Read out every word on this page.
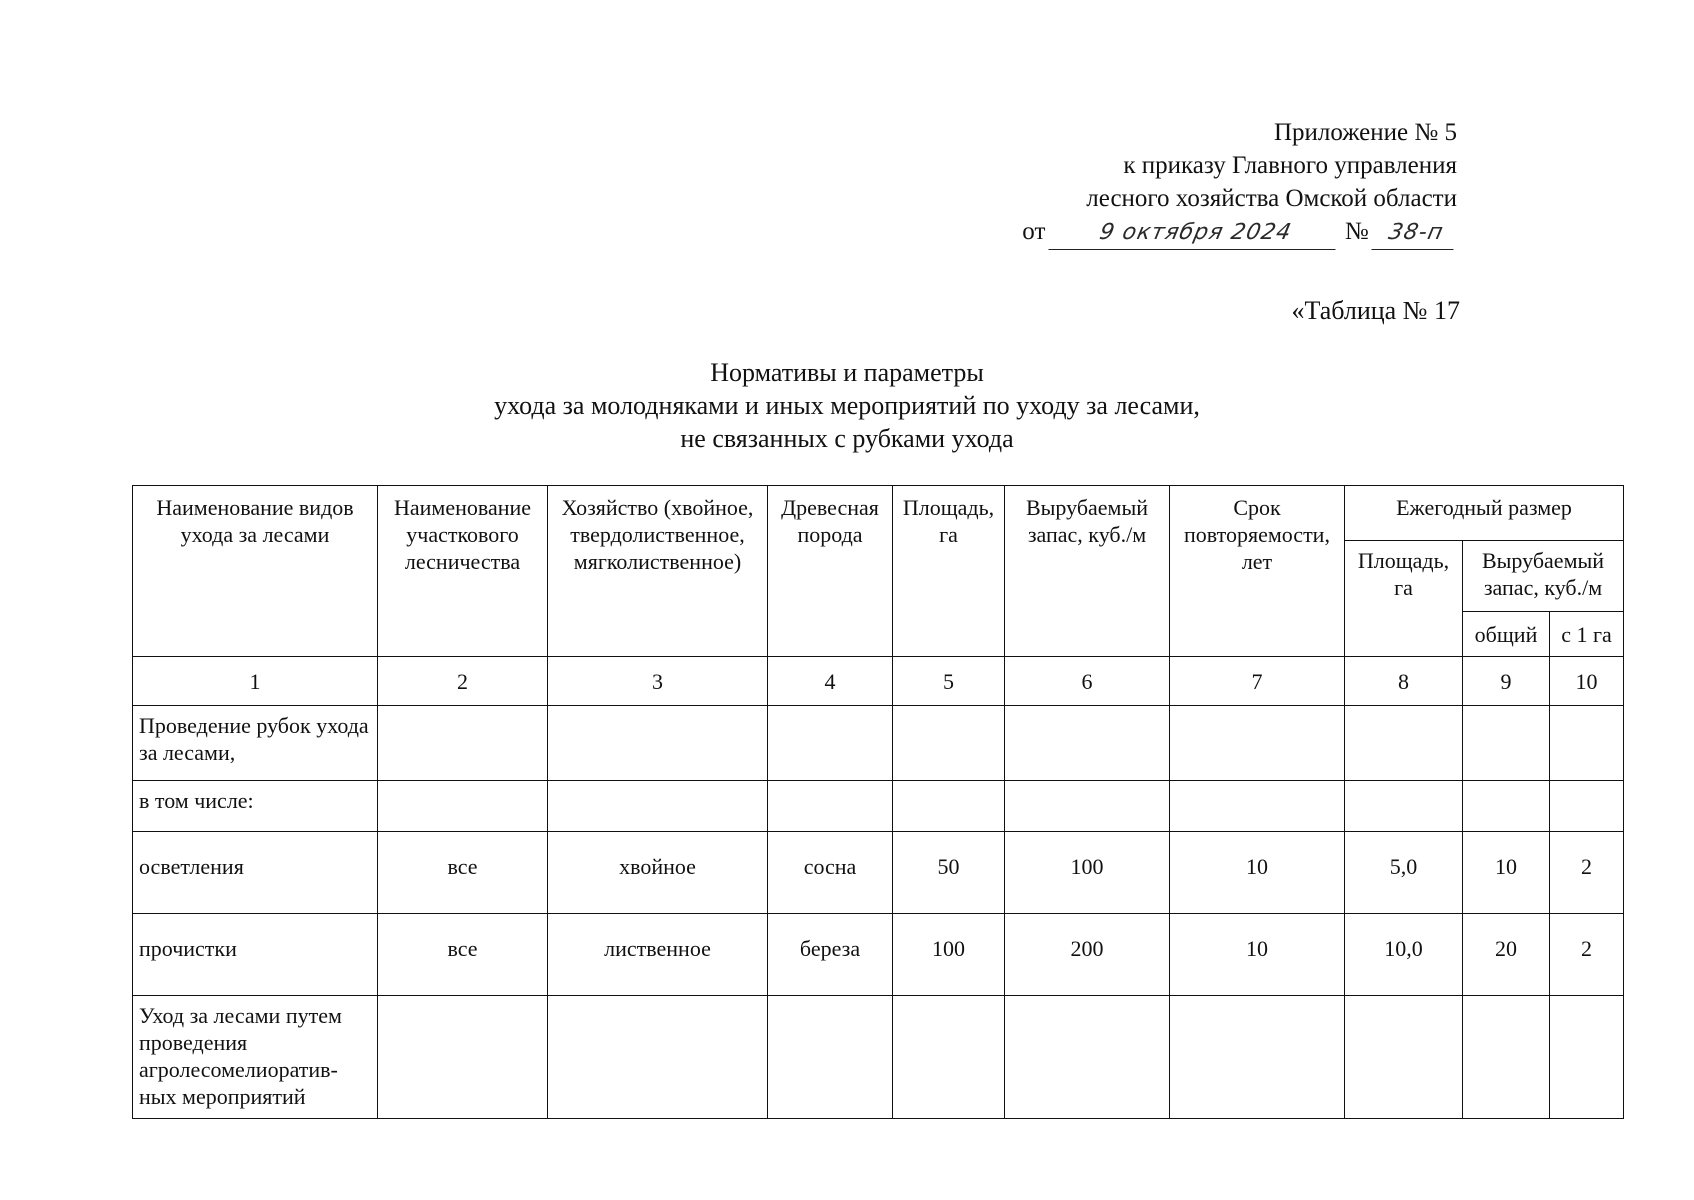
Приложение № 5
к приказу Главного управления
лесного хозяйства Омской области
от 9 октября 2024 № 38-п
«Таблица № 17
Нормативы и параметры
ухода за молодняками и иных мероприятий по уходу за лесами,
не связанных с рубками ухода
Наименование видов ухода за лесами	Наименование участкового лесничества	Хозяйство (хвойное, твердолиственное, мягколиственное)	Древесная порода	Площадь, га	Вырубаемый запас, куб./м	Срок повторяемости, лет	Ежегодный размер		
							Площадь, га	Вырубаемый запас, куб./м	
								общий	с 1 га
1	2	3	4	5	6	7	8	9	10
Проведение рубок ухода за лесами,									
в том числе:									
осветления	все	хвойное	сосна	50	100	10	5,0	10	2
прочистки	все	лиственное	береза	100	200	10	10,0	20	2
Уход за лесами путем проведения агролесомелиоратив-ных мероприятий									
